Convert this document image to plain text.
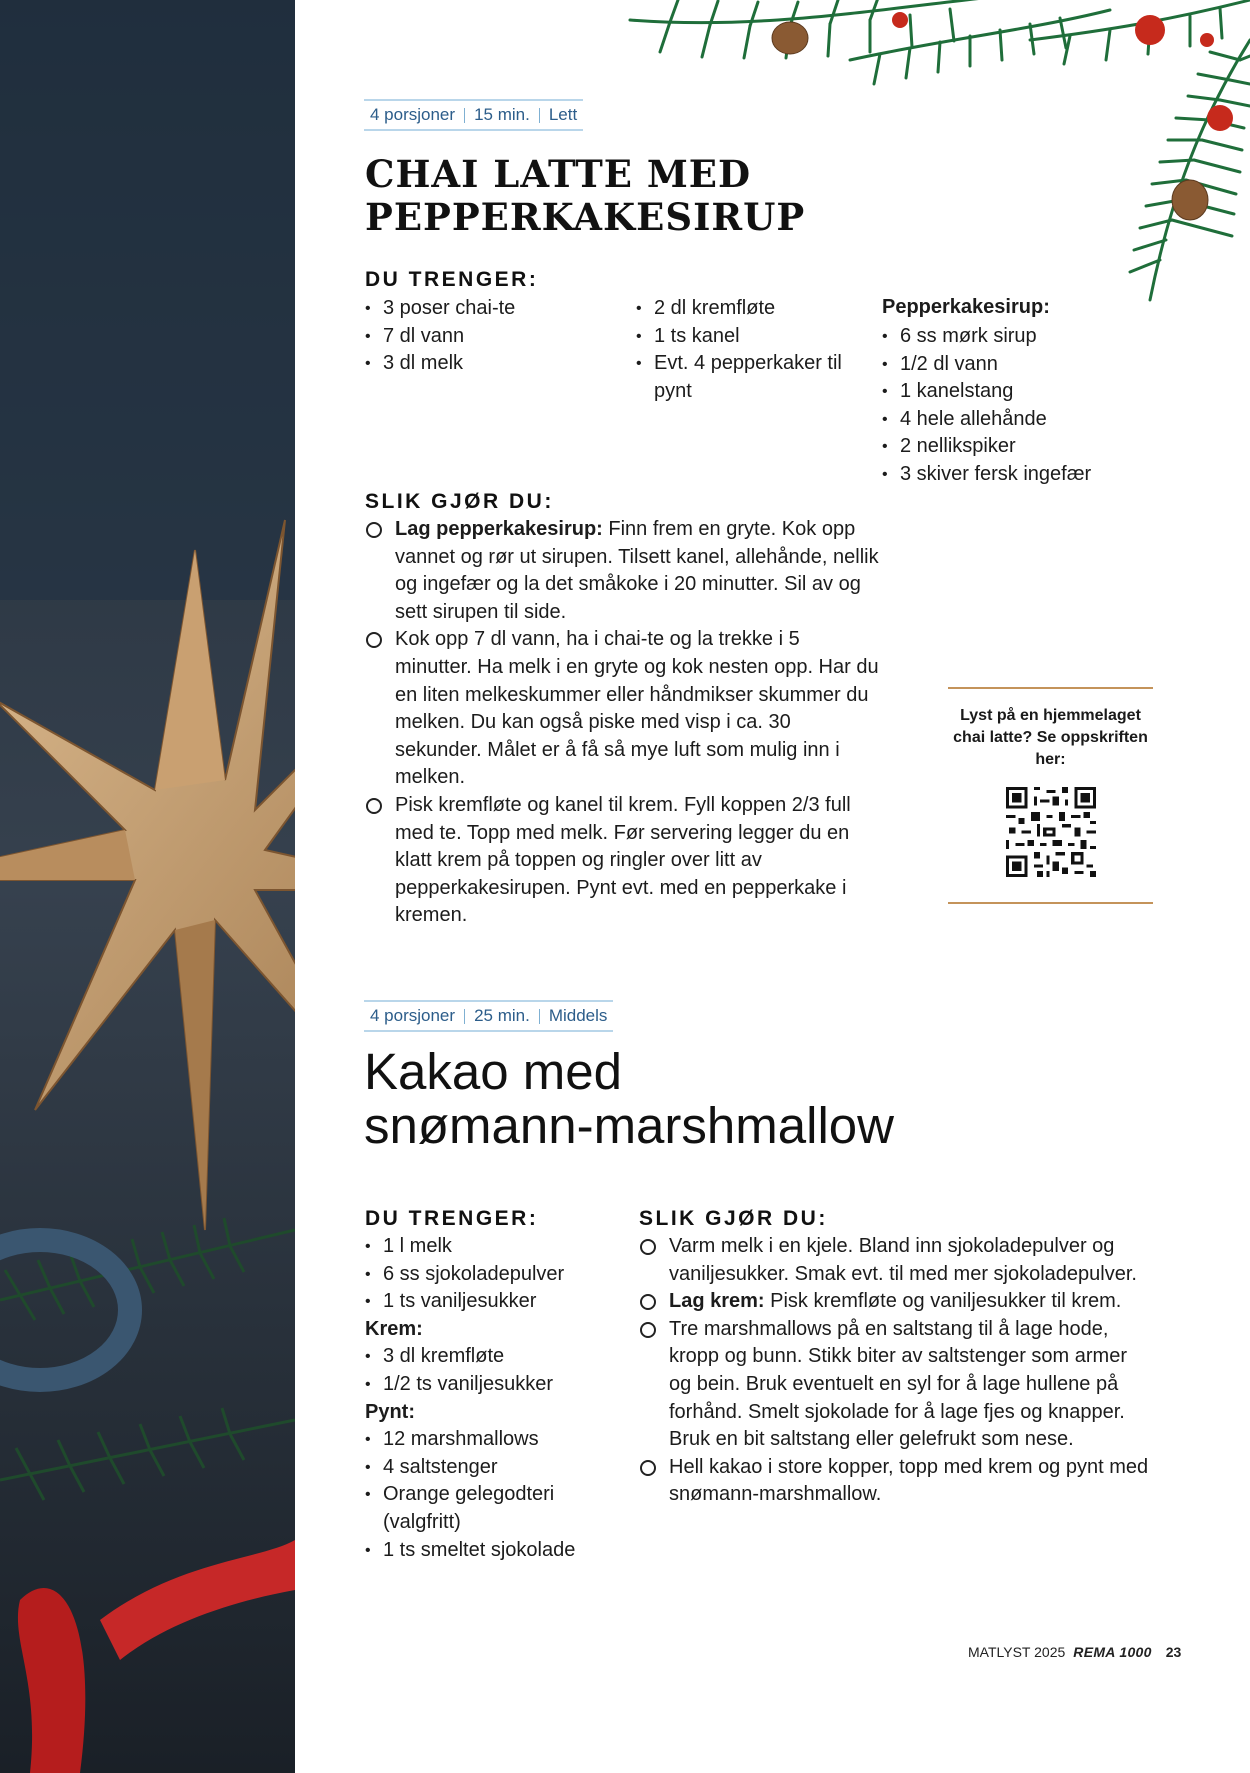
4 porsjoner 15 min. Lett
CHAI LATTE MED
PEPPERKAKESIRUP
DU TRENGER:
• 3 poser chai-te
• 7 dl vann
• 3 dl melk
• 2 dl kremfløte
• 1 ts kanel
• Evt. 4 pepperkaker til pynt
Pepperkakesirup:
• 6 ss mørk sirup
• 1/2 dl vann
• 1 kanelstang
• 4 hele allehånde
• 2 nellikspiker
• 3 skiver fersk ingefær
SLIK GJØR DU:
Lag pepperkakesirup: Finn frem en gryte. Kok opp vannet og rør ut sirupen. Tilsett kanel, allehånde, nellik og ingefær og la det småkoke i 20 minutter. Sil av og sett sirupen til side.
Kok opp 7 dl vann, ha i chai-te og la trekke i 5 minutter. Ha melk i en gryte og kok nesten opp. Har du en liten melkeskummer eller håndmikser skummer du melken. Du kan også piske med visp i ca. 30 sekunder. Målet er å få så mye luft som mulig inn i melken.
Pisk kremfløte og kanel til krem. Fyll koppen 2/3 full med te. Topp med melk. Før servering legger du en klatt krem på toppen og ringler over litt av pepperkakesirupen. Pynt evt. med en pepperkake i kremen.
Lyst på en hjemmelaget chai latte? Se oppskriften her:
4 porsjoner 25 min. Middels
Kakao med
snømann-marshmallow
DU TRENGER:
• 1 l melk
• 6 ss sjokoladepulver
• 1 ts vaniljesukker
Krem:
• 3 dl kremfløte
• 1/2 ts vaniljesukker
Pynt:
• 12 marshmallows
• 4 saltstenger
• Orange gelegodteri (valgfritt)
• 1 ts smeltet sjokolade
SLIK GJØR DU:
Varm melk i en kjele. Bland inn sjokoladepulver og vaniljesukker. Smak evt. til med mer sjokoladepulver.
Lag krem: Pisk kremfløte og vaniljesukker til krem.
Tre marshmallows på en saltstang til å lage hode, kropp og bunn. Stikk biter av saltstenger som armer og bein. Bruk eventuelt en syl for å lage hullene på forhånd. Smelt sjokolade for å lage fjes og knapper. Bruk en bit saltstang eller gelefrukt som nese.
Hell kakao i store kopper, topp med krem og pynt med snømann-marshmallow.
MATLYST 2025 REMA 1000 23
